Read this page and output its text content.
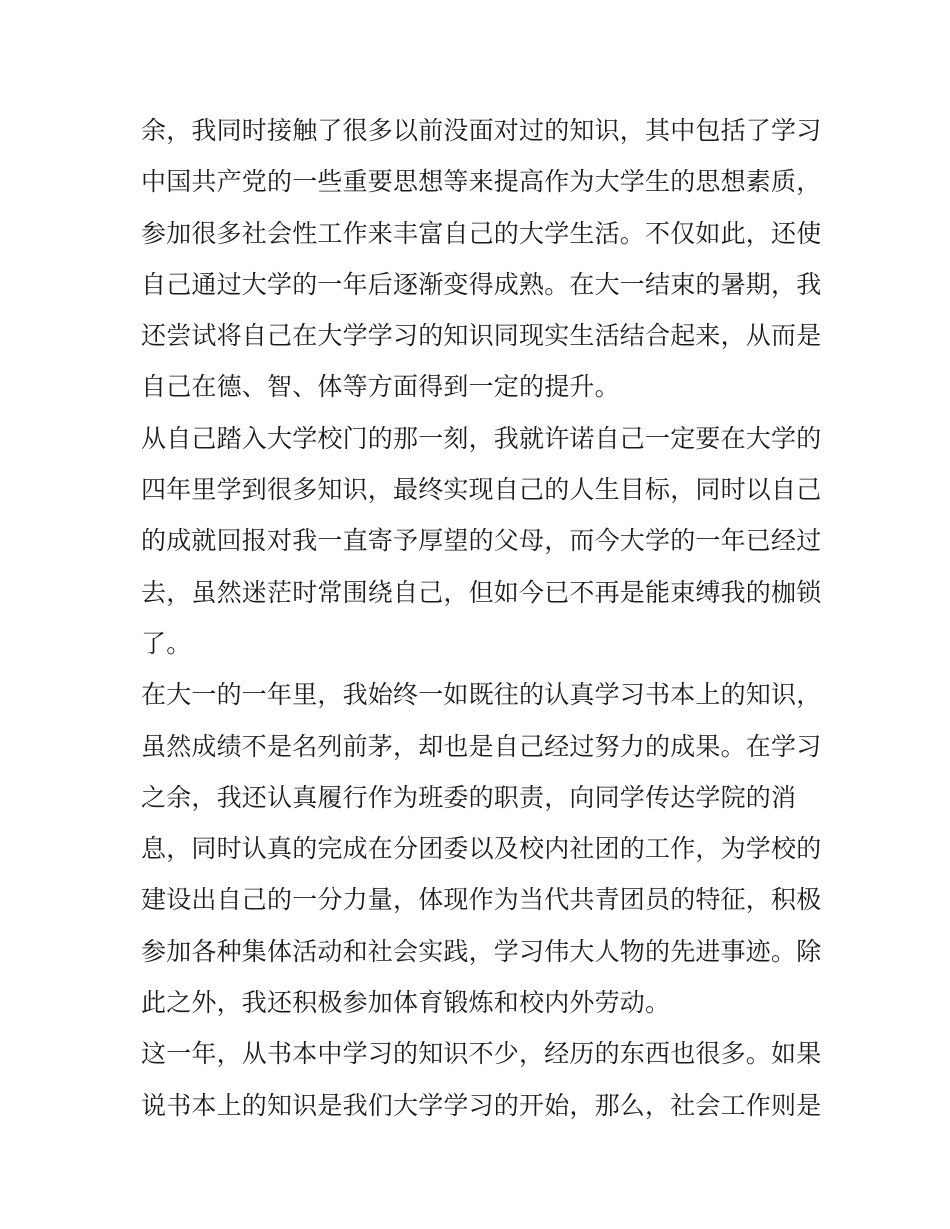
余，我同时接触了很多以前没面对过的知识，其中包括了学习
中国共产党的一些重要思想等来提高作为大学生的思想素质，
参加很多社会性工作来丰富自己的大学生活。不仅如此，还使
自己通过大学的一年后逐渐变得成熟。在大一结束的暑期，我
还尝试将自己在大学学习的知识同现实生活结合起来，从而是
自己在德、智、体等方面得到一定的提升。
从自己踏入大学校门的那一刻，我就许诺自己一定要在大学的
四年里学到很多知识，最终实现自己的人生目标，同时以自己
的成就回报对我一直寄予厚望的父母，而今大学的一年已经过
去，虽然迷茫时常围绕自己，但如今已不再是能束缚我的枷锁
了。
在大一的一年里，我始终一如既往的认真学习书本上的知识，
虽然成绩不是名列前茅，却也是自己经过努力的成果。在学习
之余，我还认真履行作为班委的职责，向同学传达学院的消
息，同时认真的完成在分团委以及校内社团的工作，为学校的
建设出自己的一分力量，体现作为当代共青团员的特征，积极
参加各种集体活动和社会实践，学习伟大人物的先进事迹。除
此之外，我还积极参加体育锻炼和校内外劳动。
这一年，从书本中学习的知识不少，经历的东西也很多。如果
说书本上的知识是我们大学学习的开始，那么，社会工作则是
